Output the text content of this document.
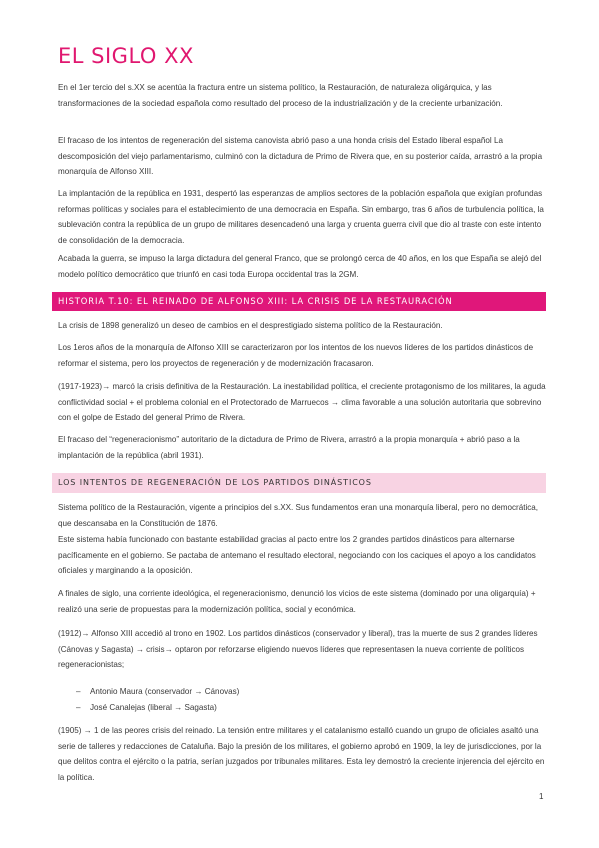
EL SIGLO XX

En el 1er tercio del s.XX se acentúa la fractura entre un sistema político, la Restauración, de naturaleza oligárquica, y las transformaciones de la sociedad española como resultado del proceso de la industrialización y de la creciente urbanización.

El fracaso de los intentos de regeneración del sistema canovista abrió paso a una honda crisis del Estado liberal español La descomposición del viejo parlamentarismo, culminó con la dictadura de Primo de Rivera que, en su posterior caída, arrastró a la propia monarquía de Alfonso XIII.

La implantación de la república en 1931, despertó las esperanzas de amplios sectores de la población española que exigían profundas reformas políticas y sociales para el establecimiento de una democracia en España. Sin embargo, tras 6 años de turbulencia política, la sublevación contra la república de un grupo de militares desencadenó una larga y cruenta guerra civil que dio al traste con este intento de consolidación de la democracia.

Acabada la guerra, se impuso la larga dictadura del general Franco, que se prolongó cerca de 40 años, en los que España se alejó del modelo político democrático que triunfó en casi toda Europa occidental tras la 2GM.

HISTORIA T.10: EL REINADO DE ALFONSO XIII: LA CRISIS DE LA RESTAURACIÓN

La crisis de 1898 generalizó un deseo de cambios en el desprestigiado sistema político de la Restauración.

Los 1eros años de la monarquía de Alfonso XIII se caracterizaron por los intentos de los nuevos líderes de los partidos dinásticos de reformar el sistema, pero los proyectos de regeneración y de modernización fracasaron.

(1917-1923)→ marcó la crisis definitiva de la Restauración. La inestabilidad política, el creciente protagonismo de los militares, la aguda conflictividad social + el problema colonial en el Protectorado de Marruecos → clima favorable a una solución autoritaria que sobrevino con el golpe de Estado del general Primo de Rivera.

El fracaso del “regeneracionismo” autoritario de la dictadura de Primo de Rivera, arrastró a la propia monarquía + abrió paso a la implantación de la república (abril 1931).

LOS INTENTOS DE REGENERACIÓN DE LOS PARTIDOS DINÁSTICOS

Sistema político de la Restauración, vigente a principios del s.XX. Sus fundamentos eran una monarquía liberal, pero no democrática, que descansaba en la Constitución de 1876.

Este sistema había funcionado con bastante estabilidad gracias al pacto entre los 2 grandes partidos dinásticos para alternarse pacíficamente en el gobierno. Se pactaba de antemano el resultado electoral, negociando con los caciques el apoyo a los candidatos oficiales y marginando a la oposición.

A finales de siglo, una corriente ideológica, el regeneracionismo, denunció los vicios de este sistema (dominado por una oligarquía) + realizó una serie de propuestas para la modernización política, social y económica.

(1912)→ Alfonso XIII accedió al trono en 1902. Los partidos dinásticos (conservador y liberal), tras la muerte de sus 2 grandes líderes (Cánovas y Sagasta) → crisis→ optaron por reforzarse eligiendo nuevos líderes que representasen la nueva corriente de políticos regeneracionistas;

– Antonio Maura (conservador → Cánovas)
– José Canalejas (liberal → Sagasta)

(1905) → 1 de las peores crisis del reinado. La tensión entre militares y el catalanismo estalló cuando un grupo de oficiales asaltó una serie de talleres y redacciones de Cataluña. Bajo la presión de los militares, el gobierno aprobó en 1909, la ley de jurisdicciones, por la que delitos contra el ejército o la patria, serían juzgados por tribunales militares. Esta ley demostró la creciente injerencia del ejército en la política.

1
